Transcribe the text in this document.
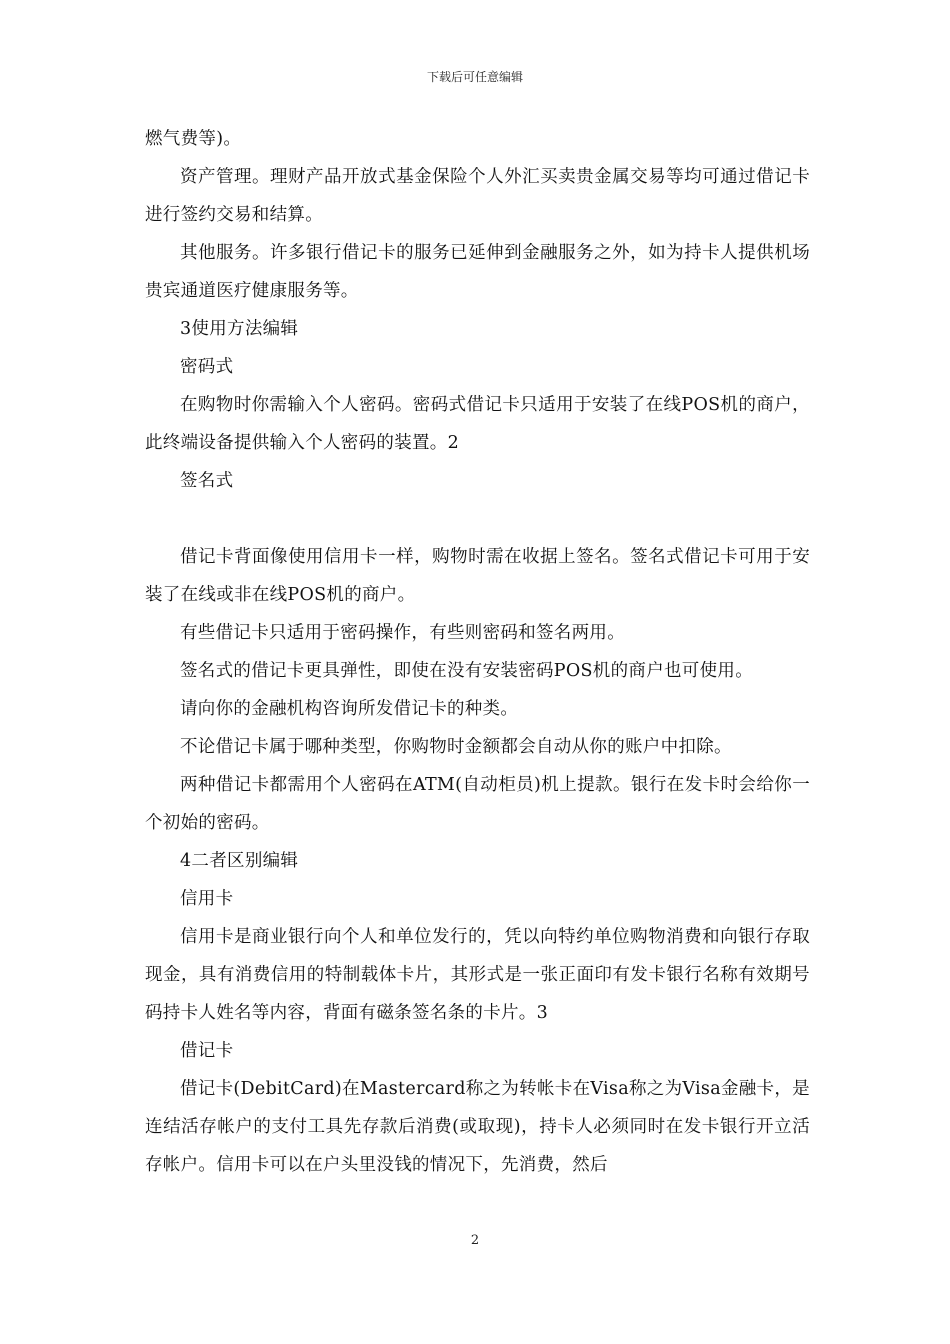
下载后可任意编辑

燃气费等)。

资产管理。理财产品开放式基金保险个人外汇买卖贵金属交易等均可通过借记卡进行签约交易和结算。

其他服务。许多银行借记卡的服务已延伸到金融服务之外，如为持卡人提供机场贵宾通道医疗健康服务等。

3使用方法编辑

密码式

在购物时你需输入个人密码。密码式借记卡只适用于安装了在线POS机的商户，此终端设备提供输入个人密码的装置。2

签名式

借记卡背面像使用信用卡一样，购物时需在收据上签名。签名式借记卡可用于安装了在线或非在线POS机的商户。

有些借记卡只适用于密码操作，有些则密码和签名两用。

签名式的借记卡更具弹性，即使在没有安装密码POS机的商户也可使用。

请向你的金融机构咨询所发借记卡的种类。

不论借记卡属于哪种类型，你购物时金额都会自动从你的账户中扣除。

两种借记卡都需用个人密码在ATM(自动柜员)机上提款。银行在发卡时会给你一个初始的密码。

4二者区别编辑

信用卡

信用卡是商业银行向个人和单位发行的，凭以向特约单位购物消费和向银行存取现金，具有消费信用的特制载体卡片，其形式是一张正面印有发卡银行名称有效期号码持卡人姓名等内容，背面有磁条签名条的卡片。3

借记卡

借记卡(DebitCard)在Mastercard称之为转帐卡在Visa称之为Visa金融卡，是连结活存帐户的支付工具先存款后消费(或取现)，持卡人必须同时在发卡银行开立活存帐户。信用卡可以在户头里没钱的情况下，先消费，然后

2
